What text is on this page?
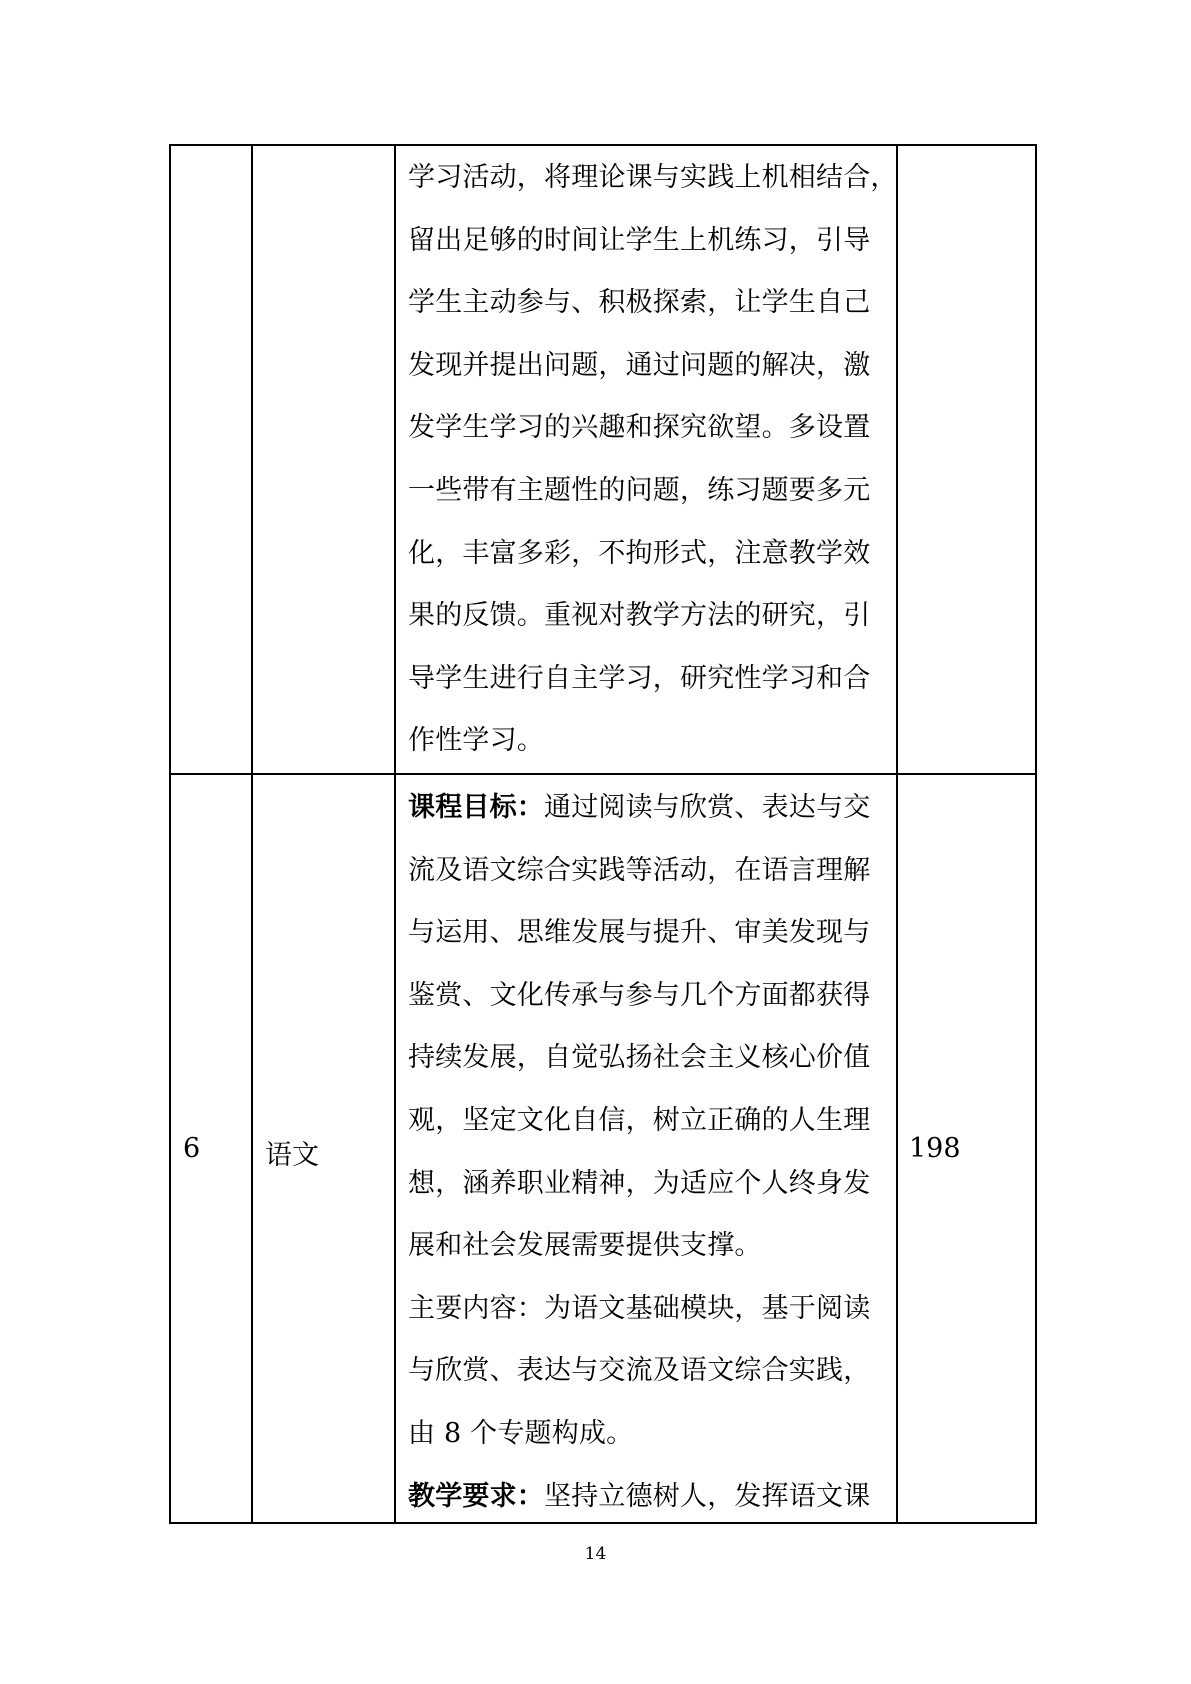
学习活动，将理论课与实践上机相结合，
留出足够的时间让学生上机练习，引导
学生主动参与、积极探索，让学生自己
发现并提出问题，通过问题的解决，激
发学生学习的兴趣和探究欲望。多设置
一些带有主题性的问题，练习题要多元
化，丰富多彩，不拘形式，注意教学效
果的反馈。重视对教学方法的研究，引
导学生进行自主学习，研究性学习和合
作性学习。
6 语文	198
课程目标：通过阅读与欣赏、表达与交
流及语文综合实践等活动，在语言理解
与运用、思维发展与提升、审美发现与
鉴赏、文化传承与参与几个方面都获得
持续发展，自觉弘扬社会主义核心价值
观，坚定文化自信，树立正确的人生理
想，涵养职业精神，为适应个人终身发
展和社会发展需要提供支撑。
主要内容：为语文基础模块，基于阅读
与欣赏、表达与交流及语文综合实践，
由 8 个专题构成。
教学要求：坚持立德树人，发挥语文课
14
